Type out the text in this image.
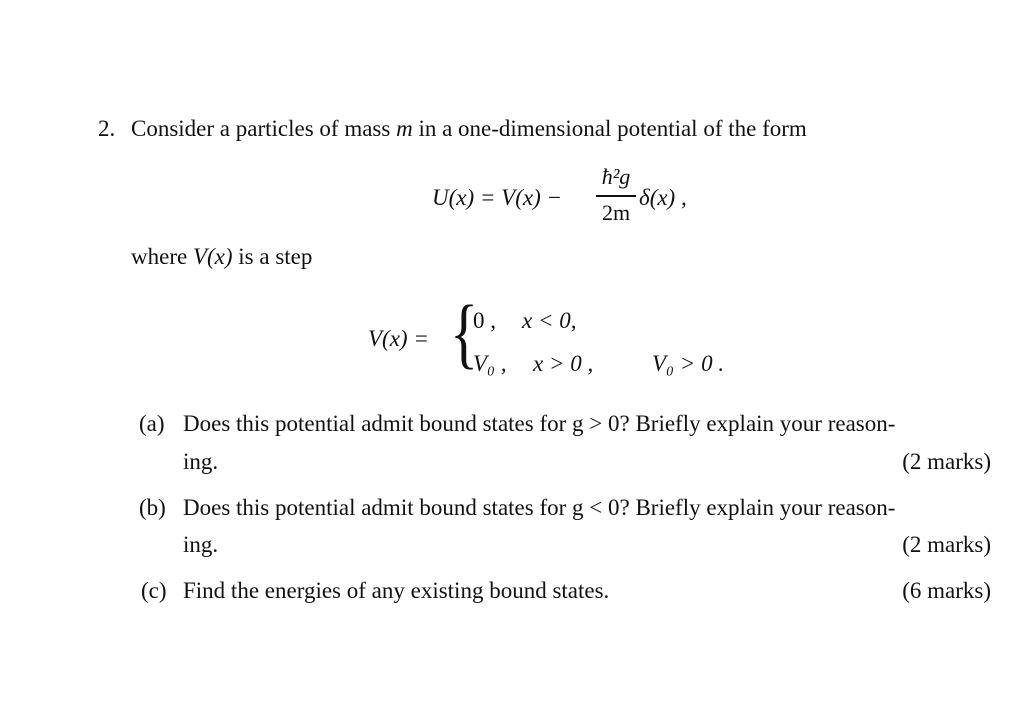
2. Consider a particles of mass m in a one-dimensional potential of the form
U(x) = V(x) −
ħ²g
2m
δ(x) ,
where V(x) is a step
V(x) = {
0 , x < 0,
V₀ , x > 0 ,	V₀ > 0 .
(a) Does this potential admit bound states for g > 0? Briefly explain your reason-
ing.	(2 marks)
(b) Does this potential admit bound states for g < 0? Briefly explain your reason-
ing.	(2 marks)
(c) Find the energies of any existing bound states.	(6 marks)
